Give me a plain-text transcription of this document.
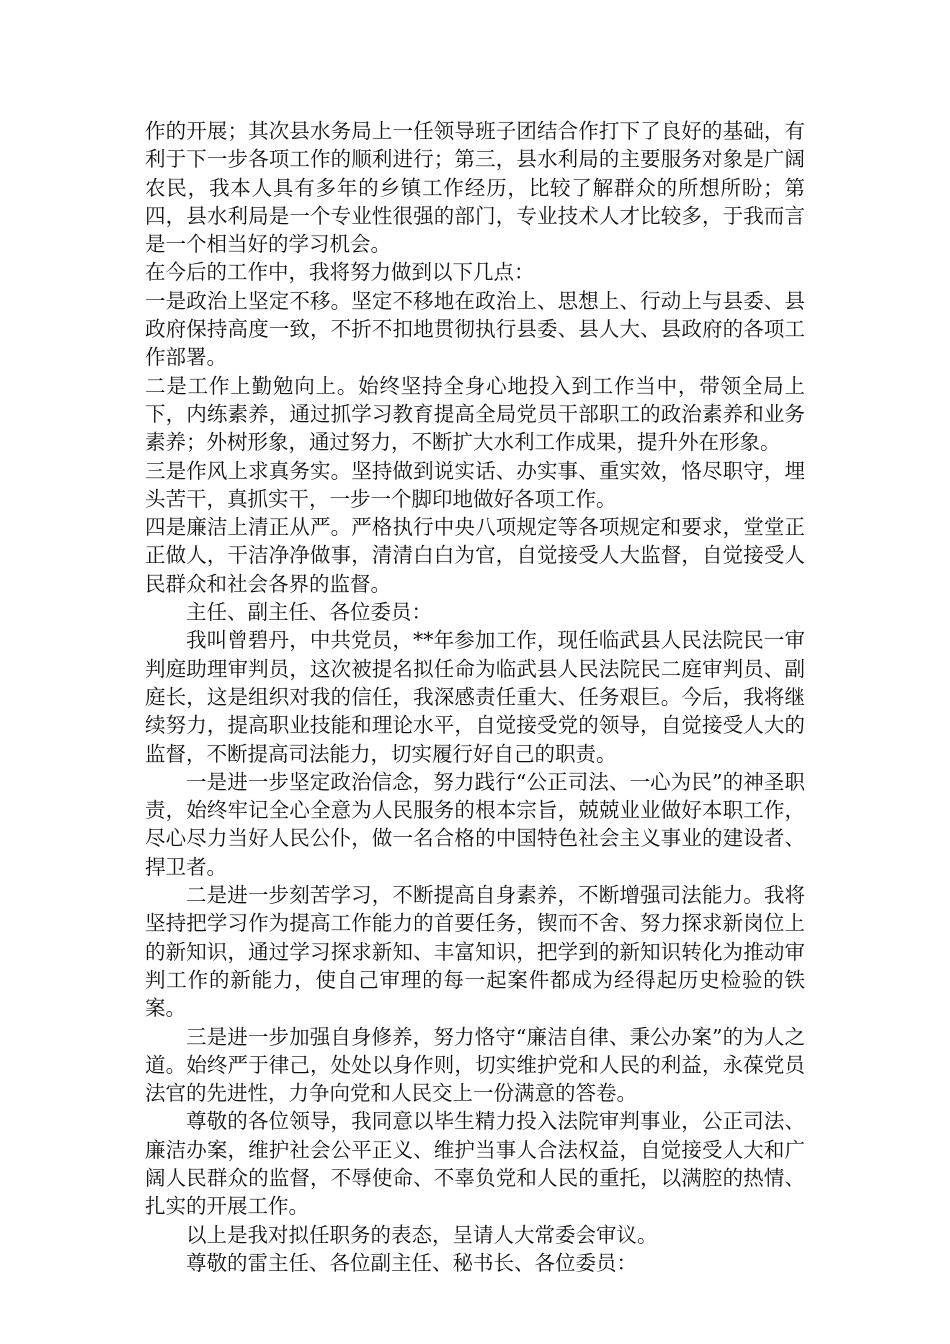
作的开展；其次县水务局上一任领导班子团结合作打下了良好的基础，有利于下一步各项工作的顺利进行；第三，县水利局的主要服务对象是广阔农民，我本人具有多年的乡镇工作经历，比较了解群众的所想所盼；第四，县水利局是一个专业性很强的部门，专业技术人才比较多，于我而言是一个相当好的学习机会。

在今后的工作中，我将努力做到以下几点：

一是政治上坚定不移。坚定不移地在政治上、思想上、行动上与县委、县政府保持高度一致，不折不扣地贯彻执行县委、县人大、县政府的各项工作部署。

二是工作上勤勉向上。始终坚持全身心地投入到工作当中，带领全局上下，内练素养，通过抓学习教育提高全局党员干部职工的政治素养和业务素养；外树形象，通过努力，不断扩大水利工作成果，提升外在形象。

三是作风上求真务实。坚持做到说实话、办实事、重实效，恪尽职守，埋头苦干，真抓实干，一步一个脚印地做好各项工作。

四是廉洁上清正从严。严格执行中央八项规定等各项规定和要求，堂堂正正做人，干洁净净做事，清清白白为官，自觉接受人大监督，自觉接受人民群众和社会各界的监督。

主任、副主任、各位委员：

我叫曾碧丹，中共党员，**年参加工作，现任临武县人民法院民一审判庭助理审判员，这次被提名拟任命为临武县人民法院民二庭审判员、副庭长，这是组织对我的信任，我深感责任重大、任务艰巨。今后，我将继续努力，提高职业技能和理论水平，自觉接受党的领导，自觉接受人大的监督，不断提高司法能力，切实履行好自己的职责。

一是进一步坚定政治信念，努力践行“公正司法、一心为民”的神圣职责，始终牢记全心全意为人民服务的根本宗旨，兢兢业业做好本职工作，尽心尽力当好人民公仆，做一名合格的中国特色社会主义事业的建设者、捍卫者。

二是进一步刻苦学习，不断提高自身素养，不断增强司法能力。我将坚持把学习作为提高工作能力的首要任务，锲而不舍、努力探求新岗位上的新知识，通过学习探求新知、丰富知识，把学到的新知识转化为推动审判工作的新能力，使自己审理的每一起案件都成为经得起历史检验的铁案。

三是进一步加强自身修养，努力恪守“廉洁自律、秉公办案”的为人之道。始终严于律己，处处以身作则，切实维护党和人民的利益，永葆党员法官的先进性，力争向党和人民交上一份满意的答卷。

尊敬的各位领导，我同意以毕生精力投入法院审判事业，公正司法、廉洁办案，维护社会公平正义、维护当事人合法权益，自觉接受人大和广阔人民群众的监督，不辱使命、不辜负党和人民的重托，以满腔的热情、扎实的开展工作。

以上是我对拟任职务的表态，呈请人大常委会审议。

尊敬的雷主任、各位副主任、秘书长、各位委员：
